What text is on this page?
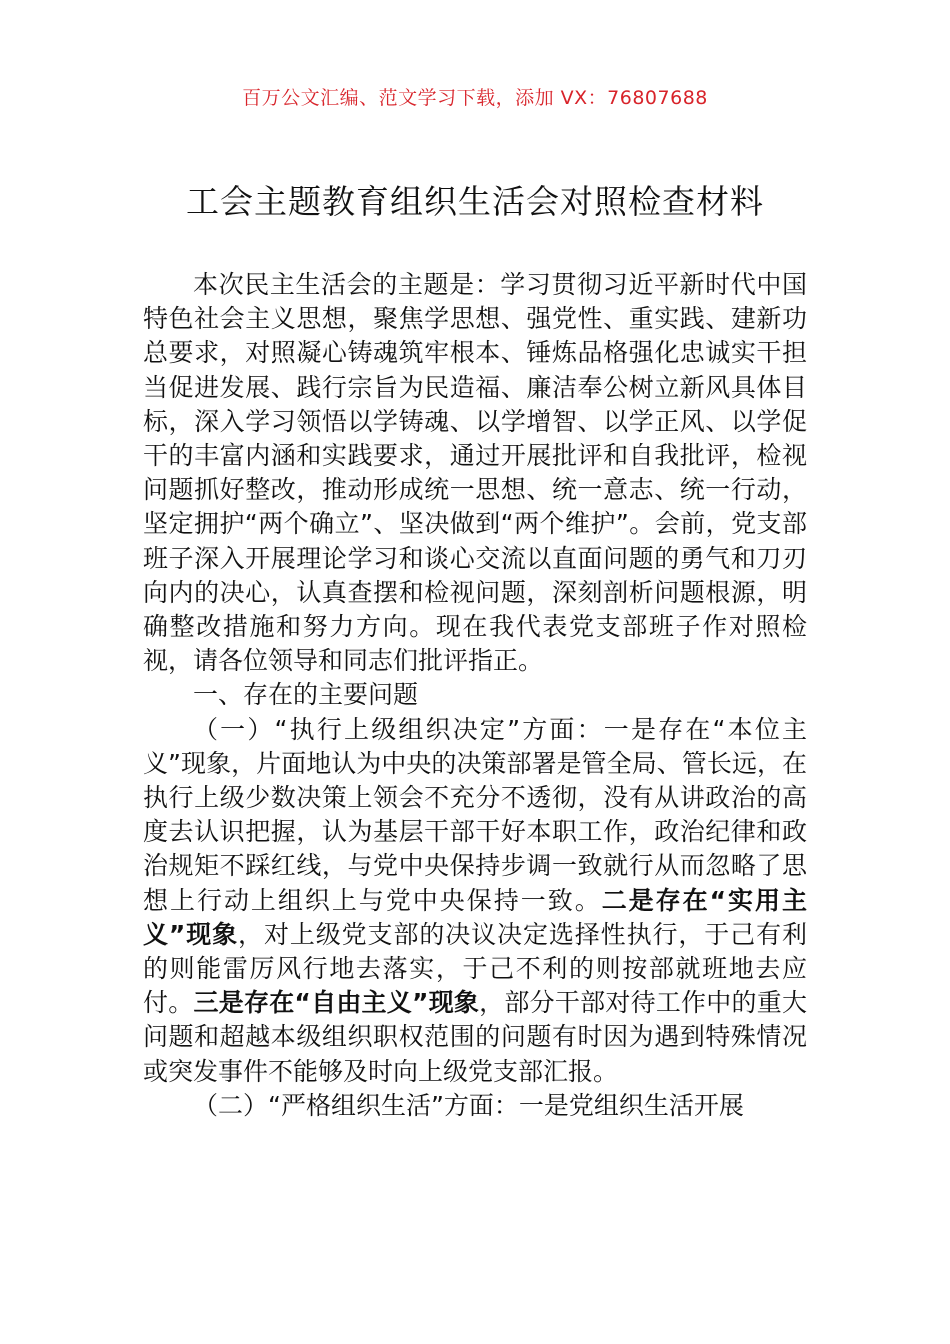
百万公文汇编、范文学习下载，添加 VX：76807688
工会主题教育组织生活会对照检查材料

本次民主生活会的主题是：学习贯彻习近平新时代中国特色社会主义思想，聚焦学思想、强党性、重实践、建新功总要求，对照凝心铸魂筑牢根本、锤炼品格强化忠诚实干担当促进发展、践行宗旨为民造福、廉洁奉公树立新风具体目标，深入学习领悟以学铸魂、以学增智、以学正风、以学促干的丰富内涵和实践要求，通过开展批评和自我批评，检视问题抓好整改，推动形成统一思想、统一意志、统一行动，坚定拥护“两个确立”、坚决做到“两个维护”。会前，党支部班子深入开展理论学习和谈心交流以直面问题的勇气和刀刃向内的决心，认真查摆和检视问题，深刻剖析问题根源，明确整改措施和努力方向。现在我代表党支部班子作对照检视，请各位领导和同志们批评指正。

一、存在的主要问题

（一）“执行上级组织决定”方面：一是存在“本位主义”现象，片面地认为中央的决策部署是管全局、管长远，在执行上级少数决策上领会不充分不透彻，没有从讲政治的高度去认识把握，认为基层干部干好本职工作，政治纪律和政治规矩不踩红线，与党中央保持步调一致就行从而忽略了思想上行动上组织上与党中央保持一致。二是存在“实用主义”现象，对上级党支部的决议决定选择性执行，于己有利的则能雷厉风行地去落实，于己不利的则按部就班地去应付。三是存在“自由主义”现象，部分干部对待工作中的重大问题和超越本级组织职权范围的问题有时因为遇到特殊情况或突发事件不能够及时向上级党支部汇报。

（二）“严格组织生活”方面：一是党组织生活开展
